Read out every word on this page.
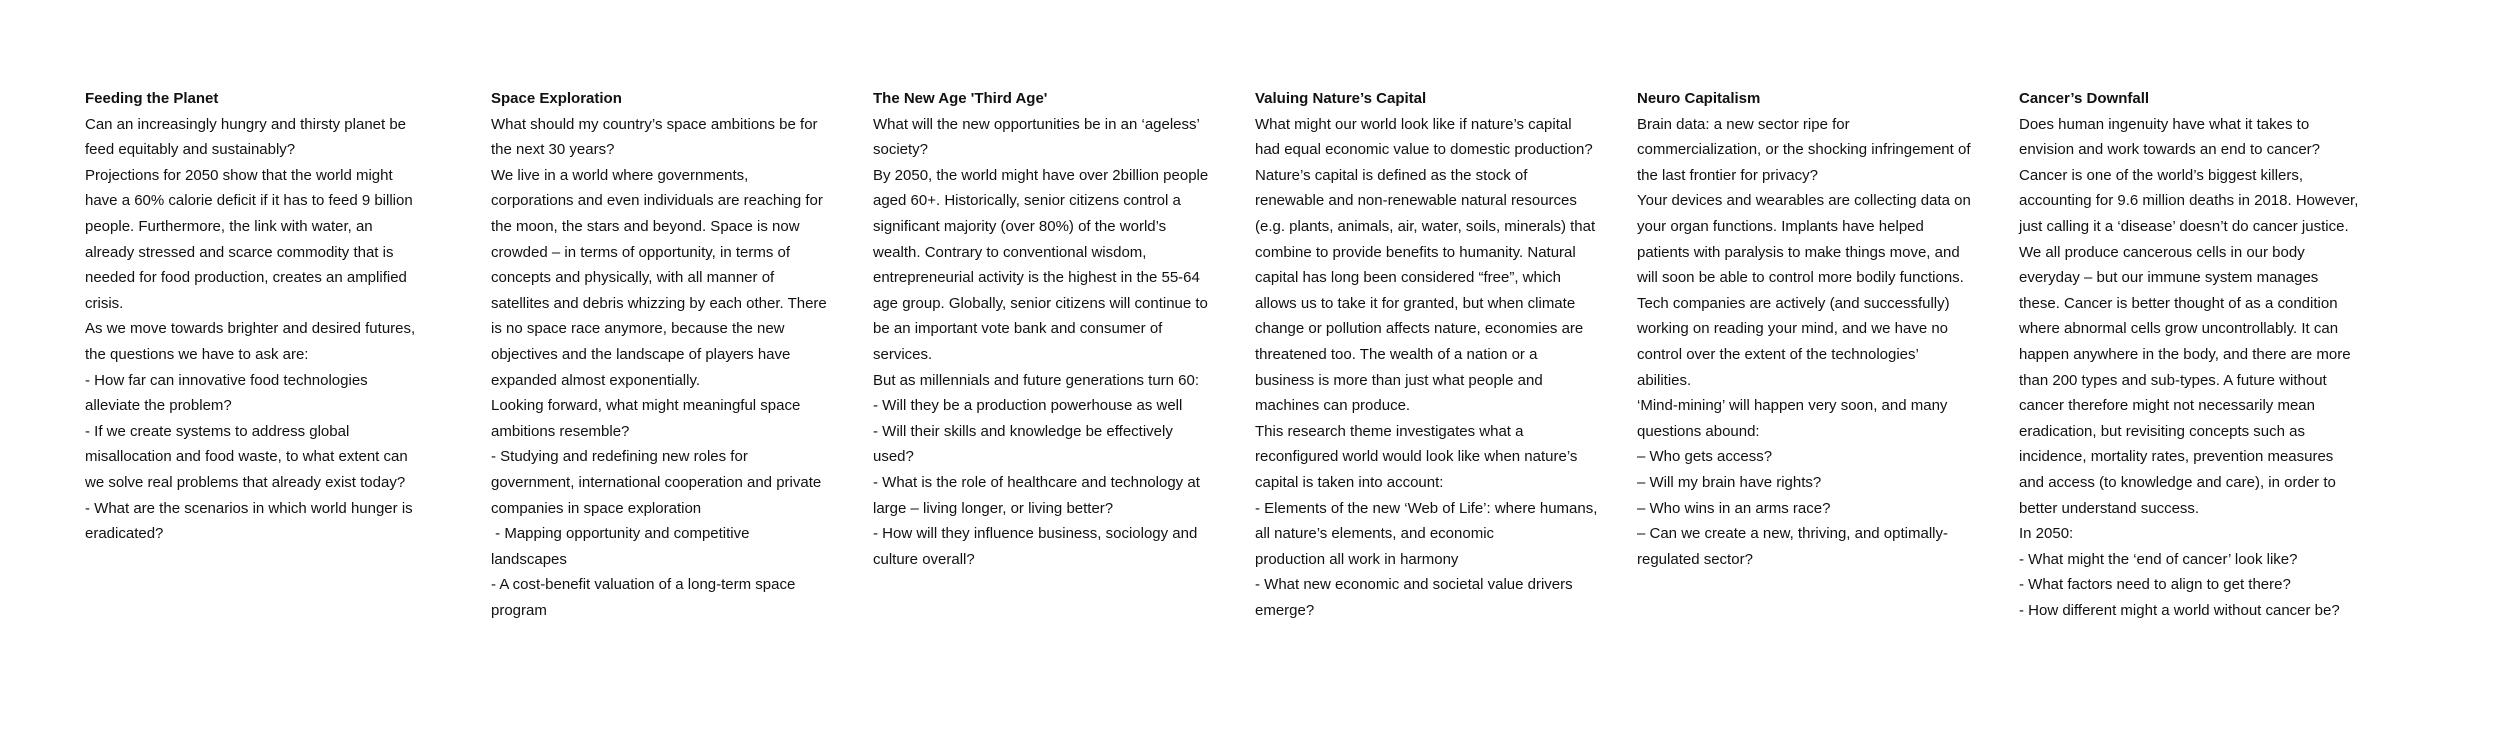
Feeding the Planet
Can an increasingly hungry and thirsty planet be
feed equitably and sustainably?
Projections for 2050 show that the world might
have a 60% calorie deficit if it has to feed 9 billion
people. Furthermore, the link with water, an
already stressed and scarce commodity that is
needed for food production, creates an amplified
crisis.
As we move towards brighter and desired futures,
the questions we have to ask are:
- How far can innovative food technologies
alleviate the problem?
- If we create systems to address global
misallocation and food waste, to what extent can
we solve real problems that already exist today?
- What are the scenarios in which world hunger is
eradicated?
Space Exploration
What should my country’s space ambitions be for
the next 30 years?
We live in a world where governments,
corporations and even individuals are reaching for
the moon, the stars and beyond. Space is now
crowded – in terms of opportunity, in terms of
concepts and physically, with all manner of
satellites and debris whizzing by each other. There
is no space race anymore, because the new
objectives and the landscape of players have
expanded almost exponentially.
Looking forward, what might meaningful space
ambitions resemble?
- Studying and redefining new roles for
government, international cooperation and private
companies in space exploration
- Mapping opportunity and competitive
landscapes
- A cost-benefit valuation of a long-term space
program
The New Age 'Third Age'
What will the new opportunities be in an ‘ageless’
society?
By 2050, the world might have over 2billion people
aged 60+. Historically, senior citizens control a
significant majority (over 80%) of the world’s
wealth. Contrary to conventional wisdom,
entrepreneurial activity is the highest in the 55-64
age group. Globally, senior citizens will continue to
be an important vote bank and consumer of
services.
But as millennials and future generations turn 60:
- Will they be a production powerhouse as well
- Will their skills and knowledge be effectively
used?
- What is the role of healthcare and technology at
large – living longer, or living better?
- How will they influence business, sociology and
culture overall?
Valuing Nature’s Capital
What might our world look like if nature’s capital
had equal economic value to domestic production?
Nature’s capital is defined as the stock of
renewable and non-renewable natural resources
(e.g. plants, animals, air, water, soils, minerals) that
combine to provide benefits to humanity. Natural
capital has long been considered “free”, which
allows us to take it for granted, but when climate
change or pollution affects nature, economies are
threatened too. The wealth of a nation or a
business is more than just what people and
machines can produce.
This research theme investigates what a
reconfigured world would look like when nature’s
capital is taken into account:
- Elements of the new ‘Web of Life’: where humans,
all nature’s elements, and economic
production all work in harmony
- What new economic and societal value drivers
emerge?
Neuro Capitalism
Brain data: a new sector ripe for
commercialization, or the shocking infringement of
the last frontier for privacy?
Your devices and wearables are collecting data on
your organ functions. Implants have helped
patients with paralysis to make things move, and
will soon be able to control more bodily functions.
Tech companies are actively (and successfully)
working on reading your mind, and we have no
control over the extent of the technologies’
abilities.
‘Mind-mining’ will happen very soon, and many
questions abound:
– Who gets access?
– Will my brain have rights?
– Who wins in an arms race?
– Can we create a new, thriving, and optimally-
regulated sector?
Cancer’s Downfall
Does human ingenuity have what it takes to
envision and work towards an end to cancer?
Cancer is one of the world’s biggest killers,
accounting for 9.6 million deaths in 2018. However,
just calling it a ‘disease’ doesn’t do cancer justice.
We all produce cancerous cells in our body
everyday – but our immune system manages
these. Cancer is better thought of as a condition
where abnormal cells grow uncontrollably. It can
happen anywhere in the body, and there are more
than 200 types and sub-types. A future without
cancer therefore might not necessarily mean
eradication, but revisiting concepts such as
incidence, mortality rates, prevention measures
and access (to knowledge and care), in order to
better understand success.
In 2050:
- What might the ‘end of cancer’ look like?
- What factors need to align to get there?
- How different might a world without cancer be?
